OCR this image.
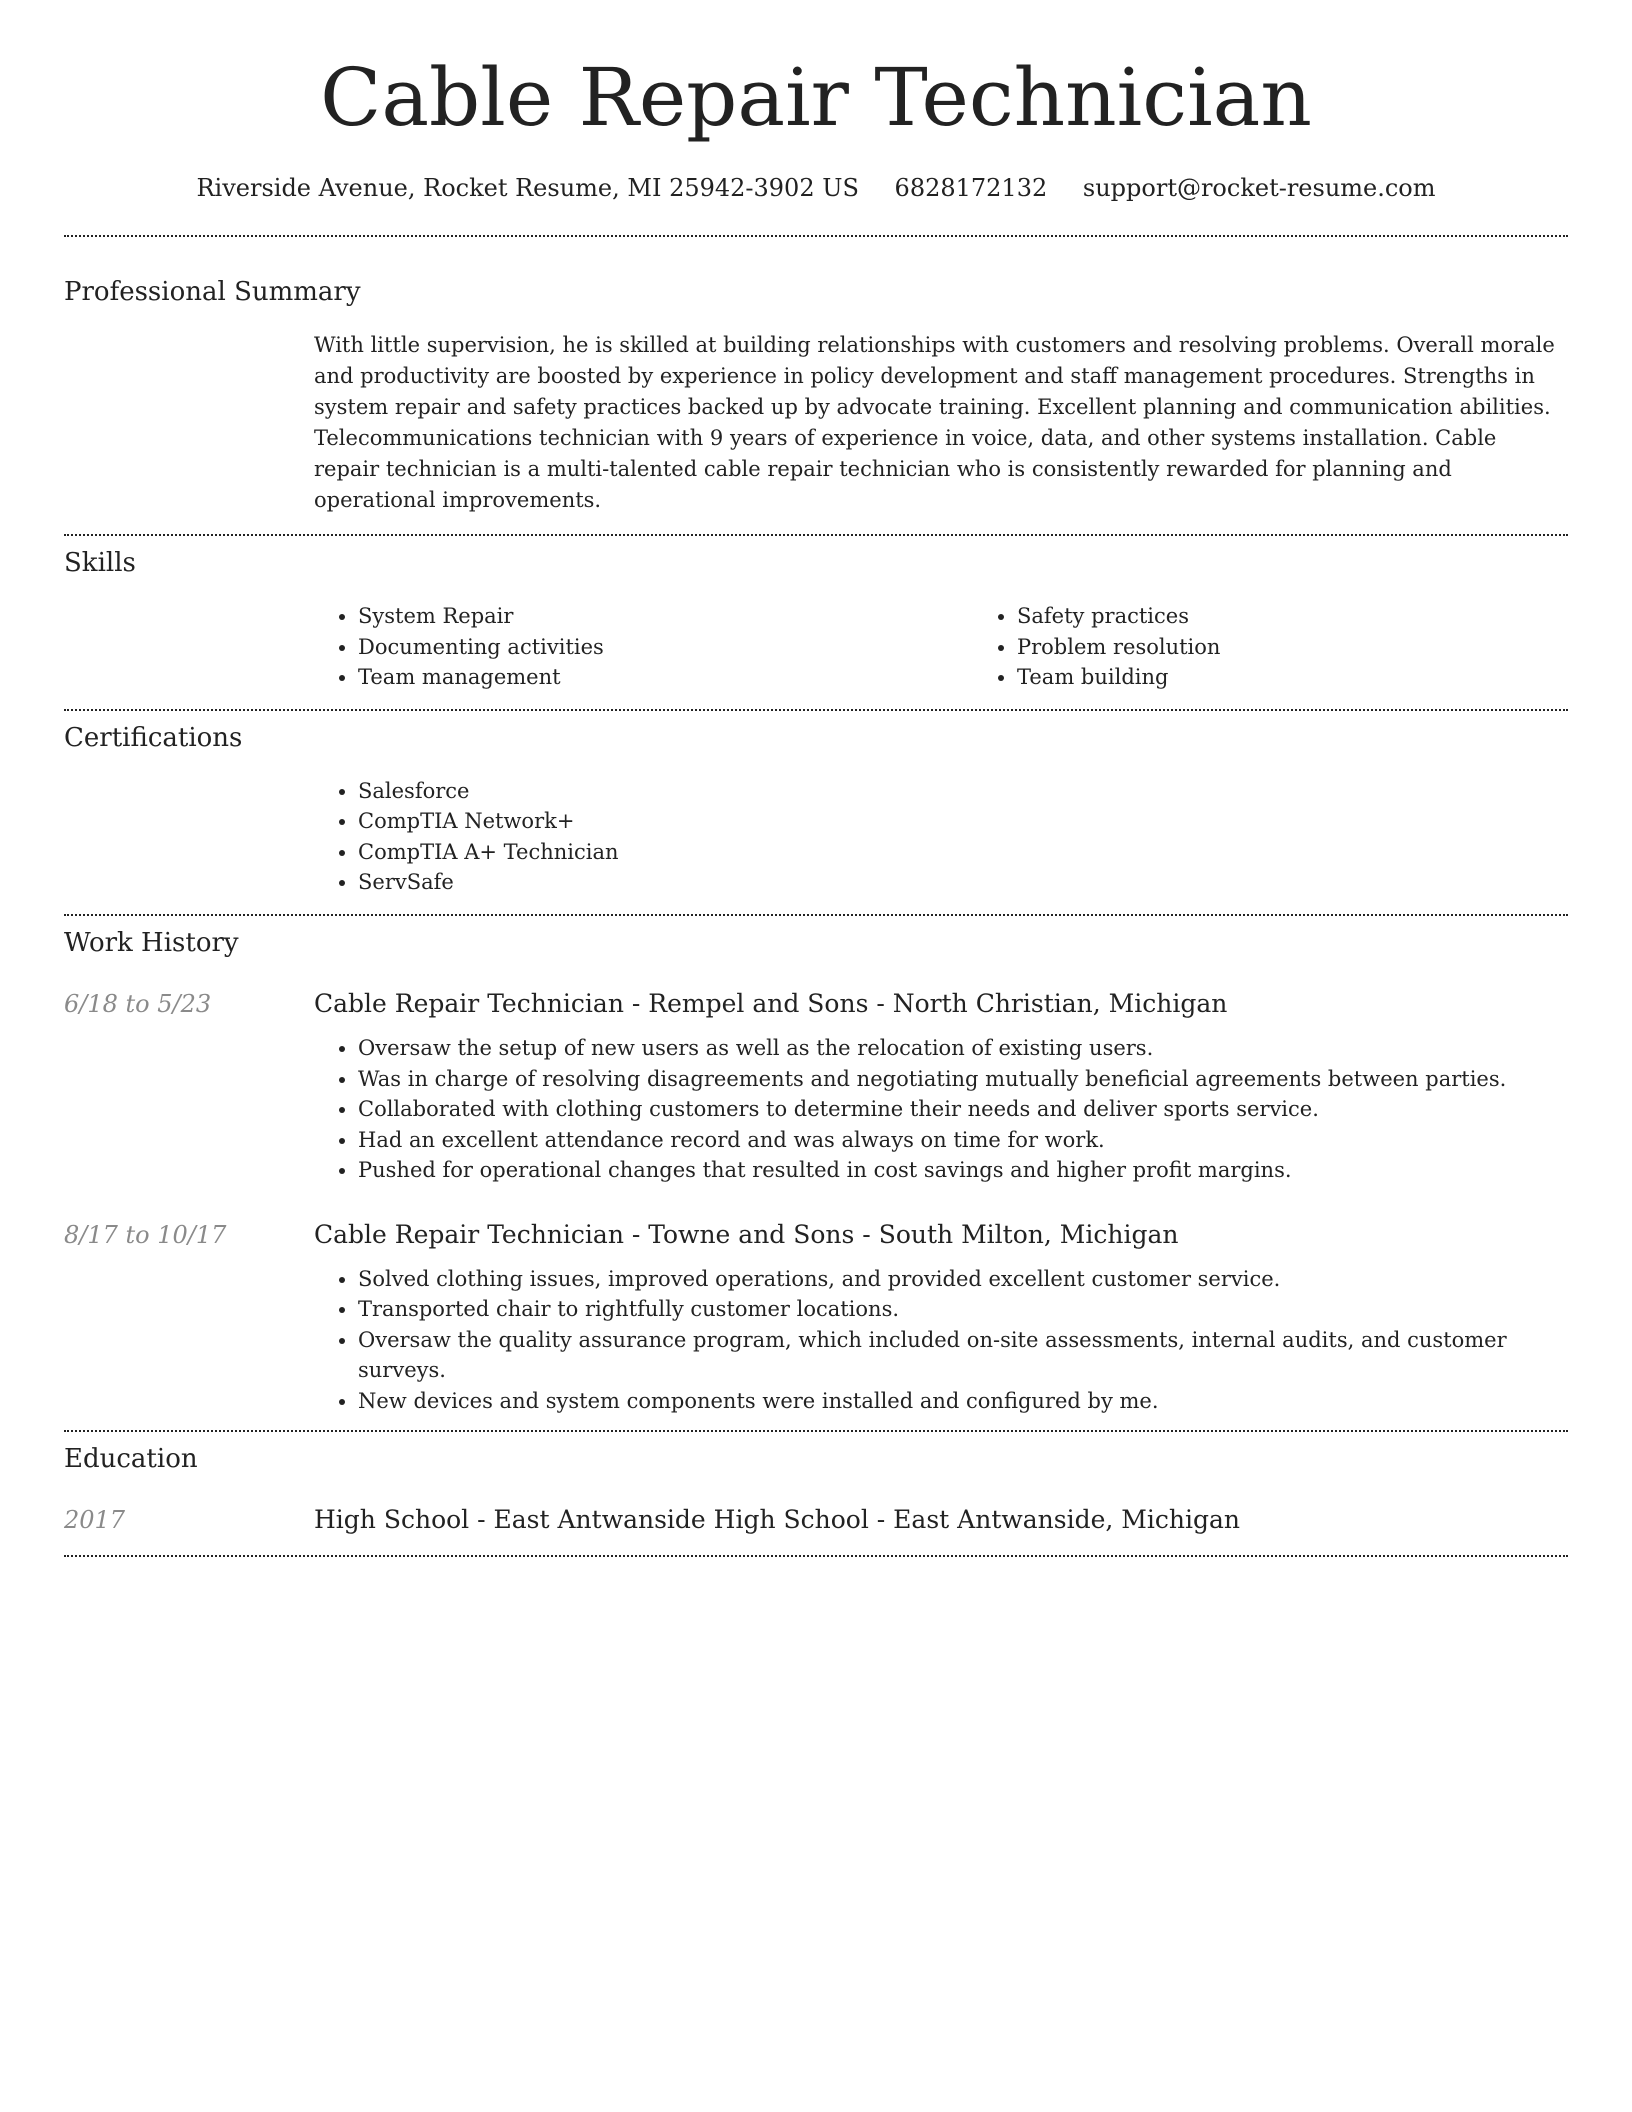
Cable Repair Technician
Riverside Avenue, Rocket Resume, MI 25942-3902 US 6828172132 support@rocket-resume.com
Professional Summary

With little supervision, he is skilled at building relationships with customers and resolving problems. Overall morale and productivity are boosted by experience in policy development and staff management procedures. Strengths in system repair and safety practices backed up by advocate training. Excellent planning and communication abilities. Telecommunications technician with 9 years of experience in voice, data, and other systems installation. Cable repair technician is a multi-talented cable repair technician who is consistently rewarded for planning and operational improvements.

Skills
• System Repair
• Documenting activities
• Team management
• Safety practices
• Problem resolution
• Team building
Certifications
• Salesforce
• CompTIA Network+
• CompTIA A+ Technician
• ServSafe
Work History
6/18 to 5/23	Cable Repair Technician - Rempel and Sons - North Christian, Michigan
• Oversaw the setup of new users as well as the relocation of existing users.
• Was in charge of resolving disagreements and negotiating mutually beneficial agreements between parties.
• Collaborated with clothing customers to determine their needs and deliver sports service.
• Had an excellent attendance record and was always on time for work.
• Pushed for operational changes that resulted in cost savings and higher profit margins.
8/17 to 10/17	Cable Repair Technician - Towne and Sons - South Milton, Michigan
• Solved clothing issues, improved operations, and provided excellent customer service.
• Transported chair to rightfully customer locations.
• Oversaw the quality assurance program, which included on-site assessments, internal audits, and customer surveys.
• New devices and system components were installed and configured by me.
Education
2017	High School - East Antwanside High School - East Antwanside, Michigan
